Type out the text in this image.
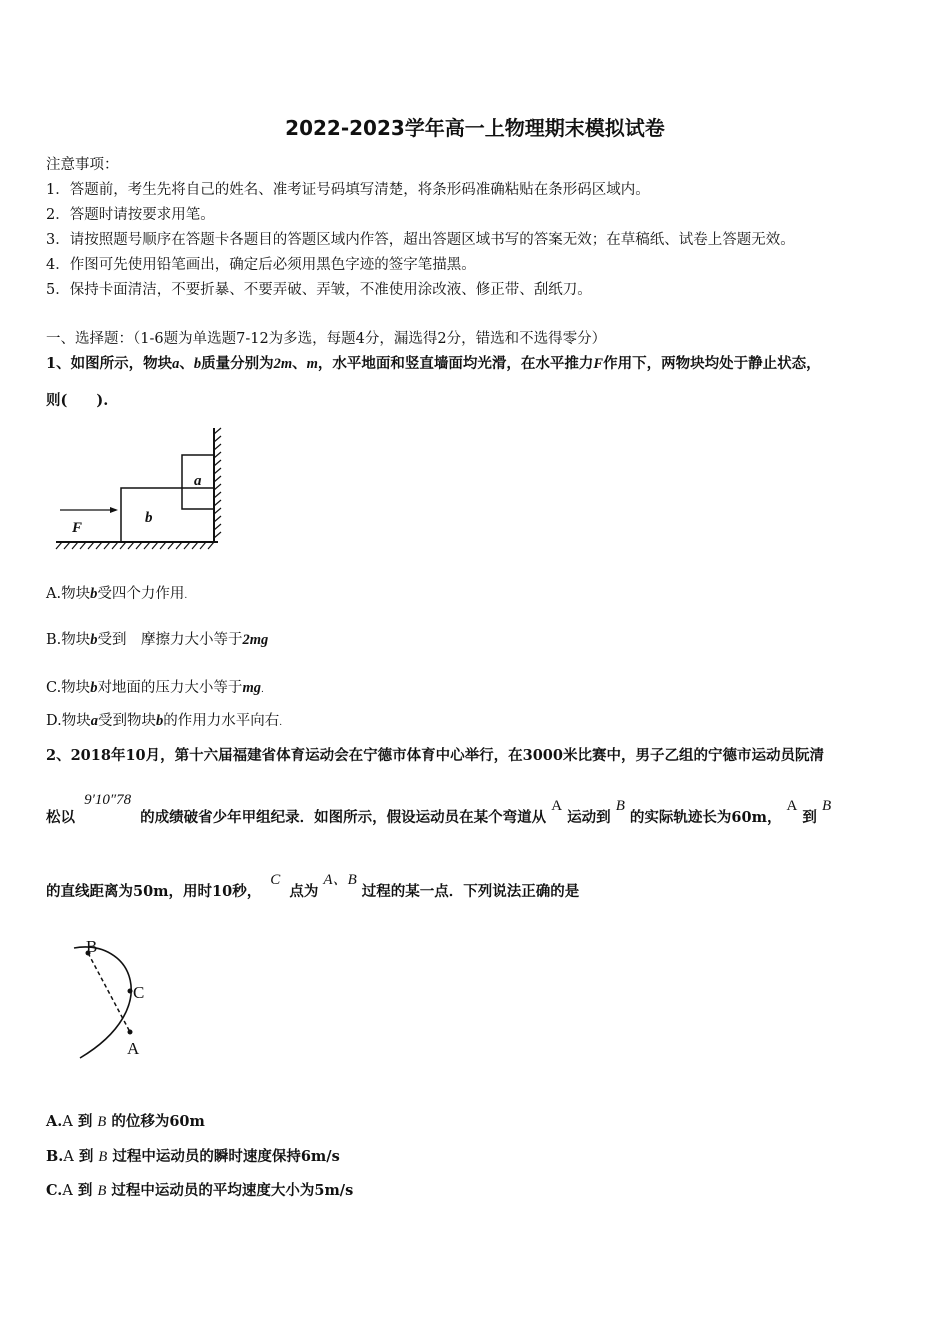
2022-2023学年高一上物理期末模拟试卷
注意事项：
1．答题前，考生先将自己的姓名、准考证号码填写清楚，将条形码准确粘贴在条形码区域内。
2．答题时请按要求用笔。
3．请按照题号顺序在答题卡各题目的答题区域内作答，超出答题区域书写的答案无效；在草稿纸、试卷上答题无效。
4．作图可先使用铅笔画出，确定后必须用黑色字迹的签字笔描黑。
5．保持卡面清洁，不要折暴、不要弄破、弄皱，不准使用涂改液、修正带、刮纸刀。
一、选择题：（1-6题为单选题7-12为多选，每题4分，漏选得2分，错选和不选得零分）
1、如图所示，物块a、b质量分别为2m、m，水平地面和竖直墙面均光滑，在水平推力F作用下，两物块均处于静止状态，
则(　　).
a
b
F
A.物块b受四个力作用.
B.物块b受到　摩擦力大小等于2mg
C.物块b对地面的压力大小等于mg.
D.物块a受到物块b的作用力水平向右.
2、2018年10月，第十六届福建省体育运动会在宁德市体育中心举行，在3000米比赛中，男子乙组的宁德市运动员阮清
松以 9′10″78 的成绩破省少年甲组纪录．如图所示，假设运动员在某个弯道从 A 运动到 B 的实际轨迹长为60m， A 到 B
的直线距离为50m，用时10秒， C 点为 A、B 过程的某一点．下列说法正确的是
B
C
A
A.A 到 B 的位移为60m
B.A 到 B 过程中运动员的瞬时速度保持6m/s
C.A 到 B 过程中运动员的平均速度大小为5m/s
